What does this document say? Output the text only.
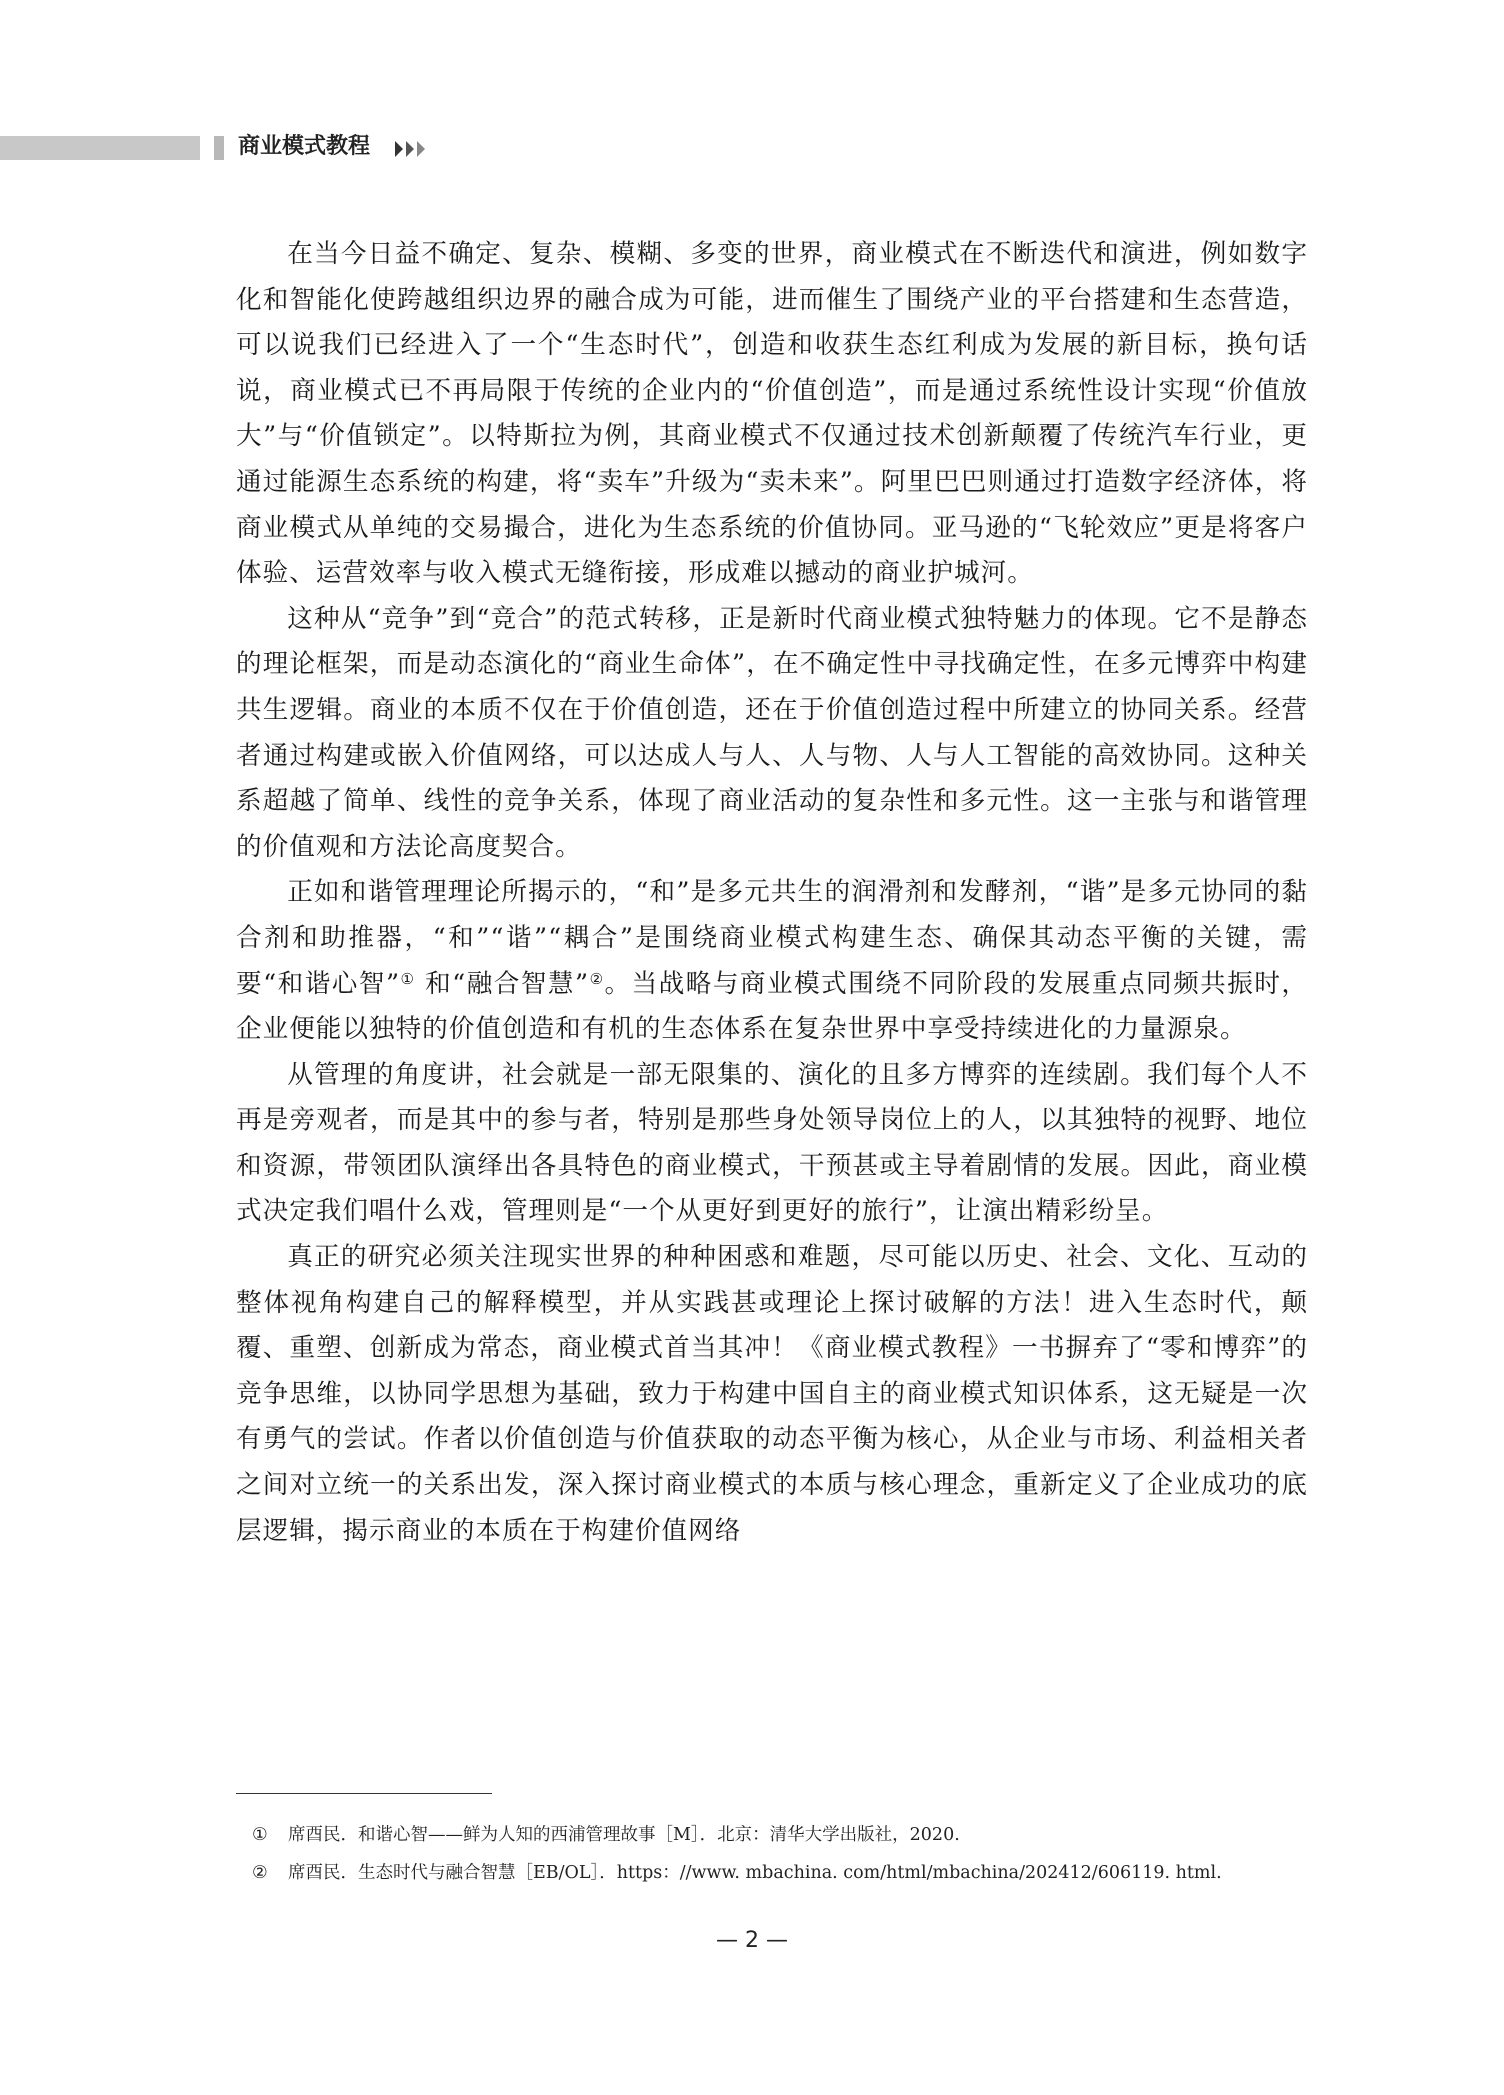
商业模式教程

在当今日益不确定、复杂、模糊、多变的世界，商业模式在不断迭代和演进，例如数字化和智能化使跨越组织边界的融合成为可能，进而催生了围绕产业的平台搭建和生态营造，可以说我们已经进入了一个“生态时代”，创造和收获生态红利成为发展的新目标，换句话说，商业模式已不再局限于传统的企业内的“价值创造”，而是通过系统性设计实现“价值放大”与“价值锁定”。以特斯拉为例，其商业模式不仅通过技术创新颠覆了传统汽车行业，更通过能源生态系统的构建，将“卖车”升级为“卖未来”。阿里巴巴则通过打造数字经济体，将商业模式从单纯的交易撮合，进化为生态系统的价值协同。亚马逊的“飞轮效应”更是将客户体验、运营效率与收入模式无缝衔接，形成难以撼动的商业护城河。

这种从“竞争”到“竞合”的范式转移，正是新时代商业模式独特魅力的体现。它不是静态的理论框架，而是动态演化的“商业生命体”，在不确定性中寻找确定性，在多元博弈中构建共生逻辑。商业的本质不仅在于价值创造，还在于价值创造过程中所建立的协同关系。经营者通过构建或嵌入价值网络，可以达成人与人、人与物、人与人工智能的高效协同。这种关系超越了简单、线性的竞争关系，体现了商业活动的复杂性和多元性。这一主张与和谐管理的价值观和方法论高度契合。

正如和谐管理理论所揭示的，“和”是多元共生的润滑剂和发酵剂，“谐”是多元协同的黏合剂和助推器，“和”“谐”“耦合”是围绕商业模式构建生态、确保其动态平衡的关键，需要“和谐心智”① 和“融合智慧”②。当战略与商业模式围绕不同阶段的发展重点同频共振时，企业便能以独特的价值创造和有机的生态体系在复杂世界中享受持续进化的力量源泉。

从管理的角度讲，社会就是一部无限集的、演化的且多方博弈的连续剧。我们每个人不再是旁观者，而是其中的参与者，特别是那些身处领导岗位上的人，以其独特的视野、地位和资源，带领团队演绎出各具特色的商业模式，干预甚或主导着剧情的发展。因此，商业模式决定我们唱什么戏，管理则是“一个从更好到更好的旅行”，让演出精彩纷呈。

真正的研究必须关注现实世界的种种困惑和难题，尽可能以历史、社会、文化、互动的整体视角构建自己的解释模型，并从实践甚或理论上探讨破解的方法！进入生态时代，颠覆、重塑、创新成为常态，商业模式首当其冲！《商业模式教程》一书摒弃了“零和博弈”的竞争思维，以协同学思想为基础，致力于构建中国自主的商业模式知识体系，这无疑是一次有勇气的尝试。作者以价值创造与价值获取的动态平衡为核心，从企业与市场、利益相关者之间对立统一的关系出发，深入探讨商业模式的本质与核心理念，重新定义了企业成功的底层逻辑，揭示商业的本质在于构建价值网络

① 席酉民．和谐心智——鲜为人知的西浦管理故事［M］．北京：清华大学出版社，2020.
② 席酉民．生态时代与融合智慧［EB/OL］．https：//www. mbachina. com/html/mbachina/202412/606119. html.
— 2 —
